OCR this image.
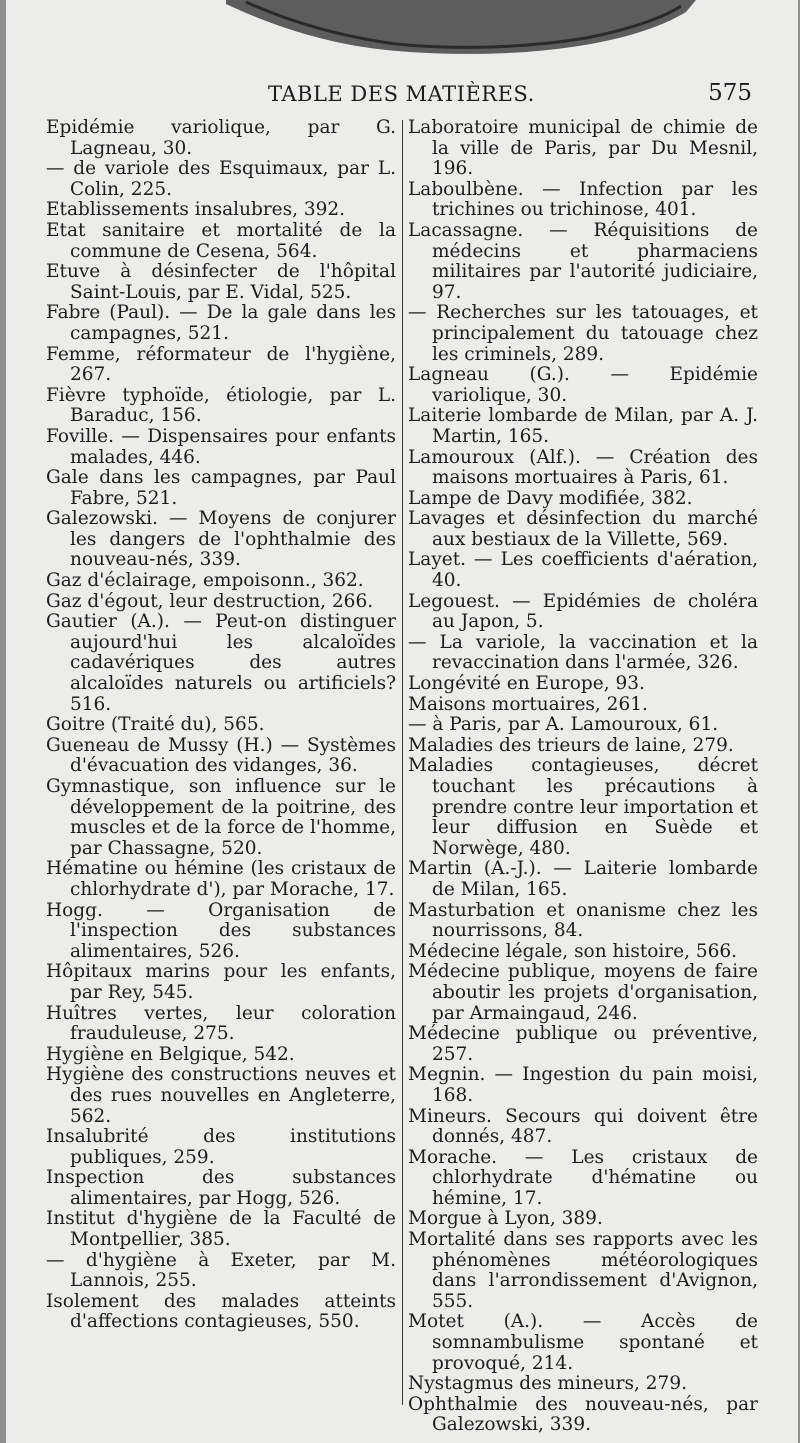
TABLE DES MATIÈRES.	575

Epidémie variolique, par G. Lagneau, 30.

— de variole des Esquimaux, par L. Colin, 225.

Etablissements insalubres, 392.

Etat sanitaire et mortalité de la commune de Cesena, 564.

Etuve à désinfecter de l'hôpital Saint-Louis, par E. Vidal, 525.

Fabre (Paul). — De la gale dans les campagnes, 521.

Femme, réformateur de l'hygiène, 267.

Fièvre typhoïde, étiologie, par L. Baraduc, 156.

Foville. — Dispensaires pour enfants malades, 446.

Gale dans les campagnes, par Paul Fabre, 521.

Galezowski. — Moyens de conjurer les dangers de l'ophthalmie des nouveau-nés, 339.

Gaz d'éclairage, empoisonn., 362.

Gaz d'égout, leur destruction, 266.

Gautier (A.). — Peut-on distinguer aujourd'hui les alcaloïdes cadavériques des autres alcaloïdes naturels ou artificiels? 516.

Goitre (Traité du), 565.

Gueneau de Mussy (H.) — Systèmes d'évacuation des vidanges, 36.

Gymnastique, son influence sur le développement de la poitrine, des muscles et de la force de l'homme, par Chassagne, 520.

Hématine ou hémine (les cristaux de chlorhydrate d'), par Morache, 17.

Hogg. — Organisation de l'inspection des substances alimentaires, 526.

Hôpitaux marins pour les enfants, par Rey, 545.

Huîtres vertes, leur coloration frauduleuse, 275.

Hygiène en Belgique, 542.

Hygiène des constructions neuves et des rues nouvelles en Angleterre, 562.

Insalubrité des institutions publiques, 259.

Inspection des substances alimentaires, par Hogg, 526.

Institut d'hygiène de la Faculté de Montpellier, 385.

— d'hygiène à Exeter, par M. Lannois, 255.

Isolement des malades atteints d'affections contagieuses, 550.

Laboratoire municipal de chimie de la ville de Paris, par Du Mesnil, 196.

Laboulbène. — Infection par les trichines ou trichinose, 401.

Lacassagne. — Réquisitions de médecins et pharmaciens militaires par l'autorité judiciaire, 97.

— Recherches sur les tatouages, et principalement du tatouage chez les criminels, 289.

Lagneau (G.). — Epidémie variolique, 30.

Laiterie lombarde de Milan, par A. J. Martin, 165.

Lamouroux (Alf.). — Création des maisons mortuaires à Paris, 61.

Lampe de Davy modifiée, 382.

Lavages et désinfection du marché aux bestiaux de la Villette, 569.

Layet. — Les coefficients d'aération, 40.

Legouest. — Epidémies de choléra au Japon, 5.

— La variole, la vaccination et la revaccination dans l'armée, 326.

Longévité en Europe, 93.

Maisons mortuaires, 261.

— à Paris, par A. Lamouroux, 61.

Maladies des trieurs de laine, 279.

Maladies contagieuses, décret touchant les précautions à prendre contre leur importation et leur diffusion en Suède et Norwège, 480.

Martin (A.-J.). — Laiterie lombarde de Milan, 165.

Masturbation et onanisme chez les nourrissons, 84.

Médecine légale, son histoire, 566.

Médecine publique, moyens de faire aboutir les projets d'organisation, par Armaingaud, 246.

Médecine publique ou préventive, 257.

Megnin. — Ingestion du pain moisi, 168.

Mineurs. Secours qui doivent être donnés, 487.

Morache. — Les cristaux de chlorhydrate d'hématine ou hémine, 17.

Morgue à Lyon, 389.

Mortalité dans ses rapports avec les phénomènes météorologiques dans l'arrondissement d'Avignon, 555.

Motet (A.). — Accès de somnambulisme spontané et provoqué, 214.

Nystagmus des mineurs, 279.

Ophthalmie des nouveau-nés, par Galezowski, 339.
